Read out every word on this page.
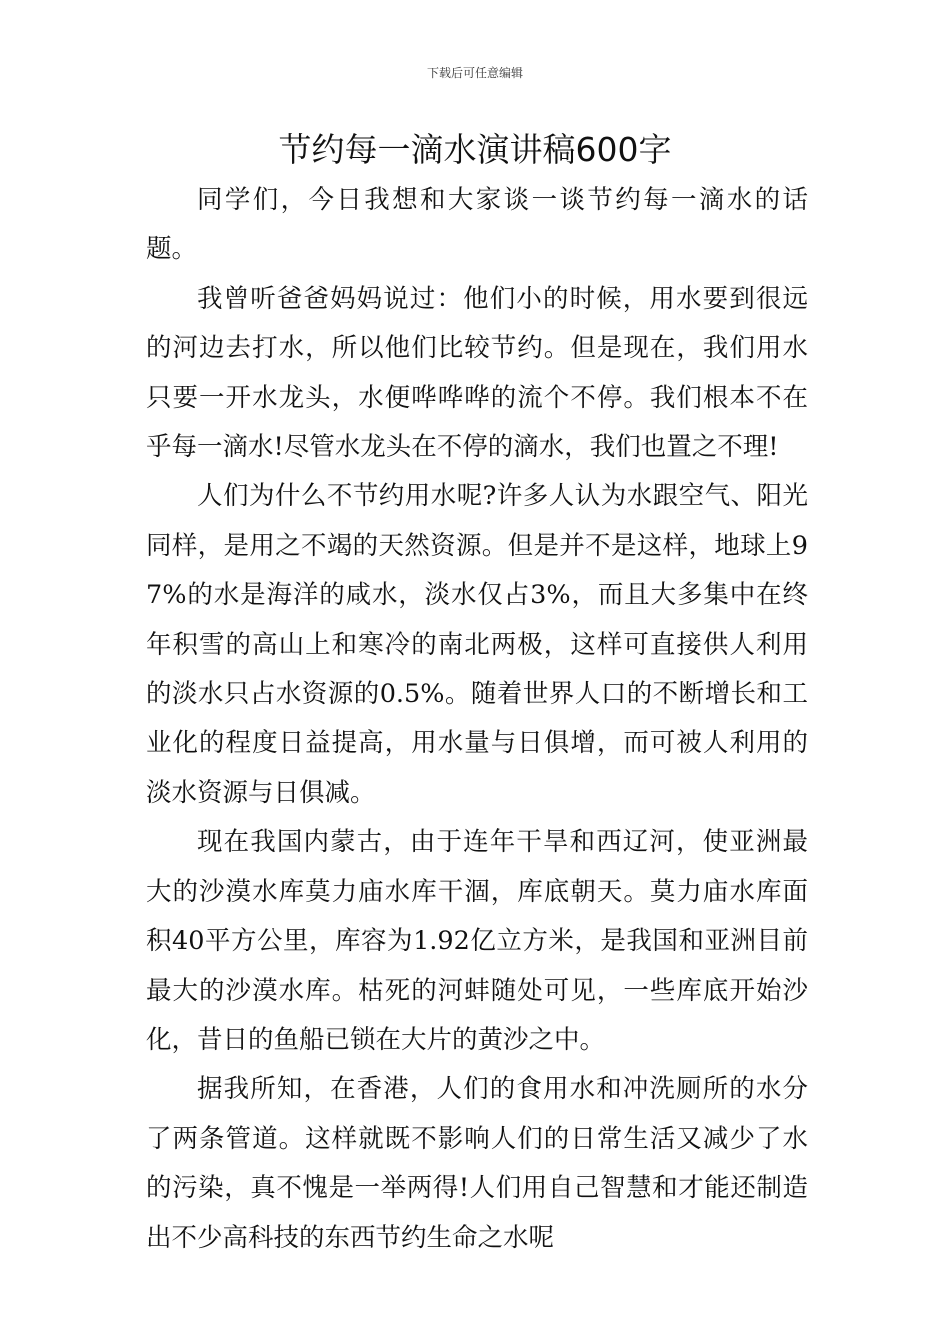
下载后可任意编辑
节约每一滴水演讲稿600字

同学们，今日我想和大家谈一谈节约每一滴水的话题。

我曾听爸爸妈妈说过：他们小的时候，用水要到很远的河边去打水，所以他们比较节约。但是现在，我们用水只要一开水龙头，水便哗哗哗的流个不停。我们根本不在乎每一滴水!尽管水龙头在不停的滴水，我们也置之不理!

人们为什么不节约用水呢?许多人认为水跟空气、阳光同样，是用之不竭的天然资源。但是并不是这样，地球上97%的水是海洋的咸水，淡水仅占3%，而且大多集中在终年积雪的高山上和寒冷的南北两极，这样可直接供人利用的淡水只占水资源的0.5%。随着世界人口的不断增长和工业化的程度日益提高，用水量与日俱增，而可被人利用的淡水资源与日俱减。

现在我国内蒙古，由于连年干旱和西辽河，使亚洲最大的沙漠水库莫力庙水库干涸，库底朝天。莫力庙水库面积40平方公里，库容为1.92亿立方米，是我国和亚洲目前最大的沙漠水库。枯死的河蚌随处可见，一些库底开始沙化，昔日的鱼船已锁在大片的黄沙之中。

据我所知，在香港，人们的食用水和冲洗厕所的水分了两条管道。这样就既不影响人们的日常生活又减少了水的污染，真不愧是一举两得!人们用自己智慧和才能还制造出不少高科技的东西节约生命之水呢
